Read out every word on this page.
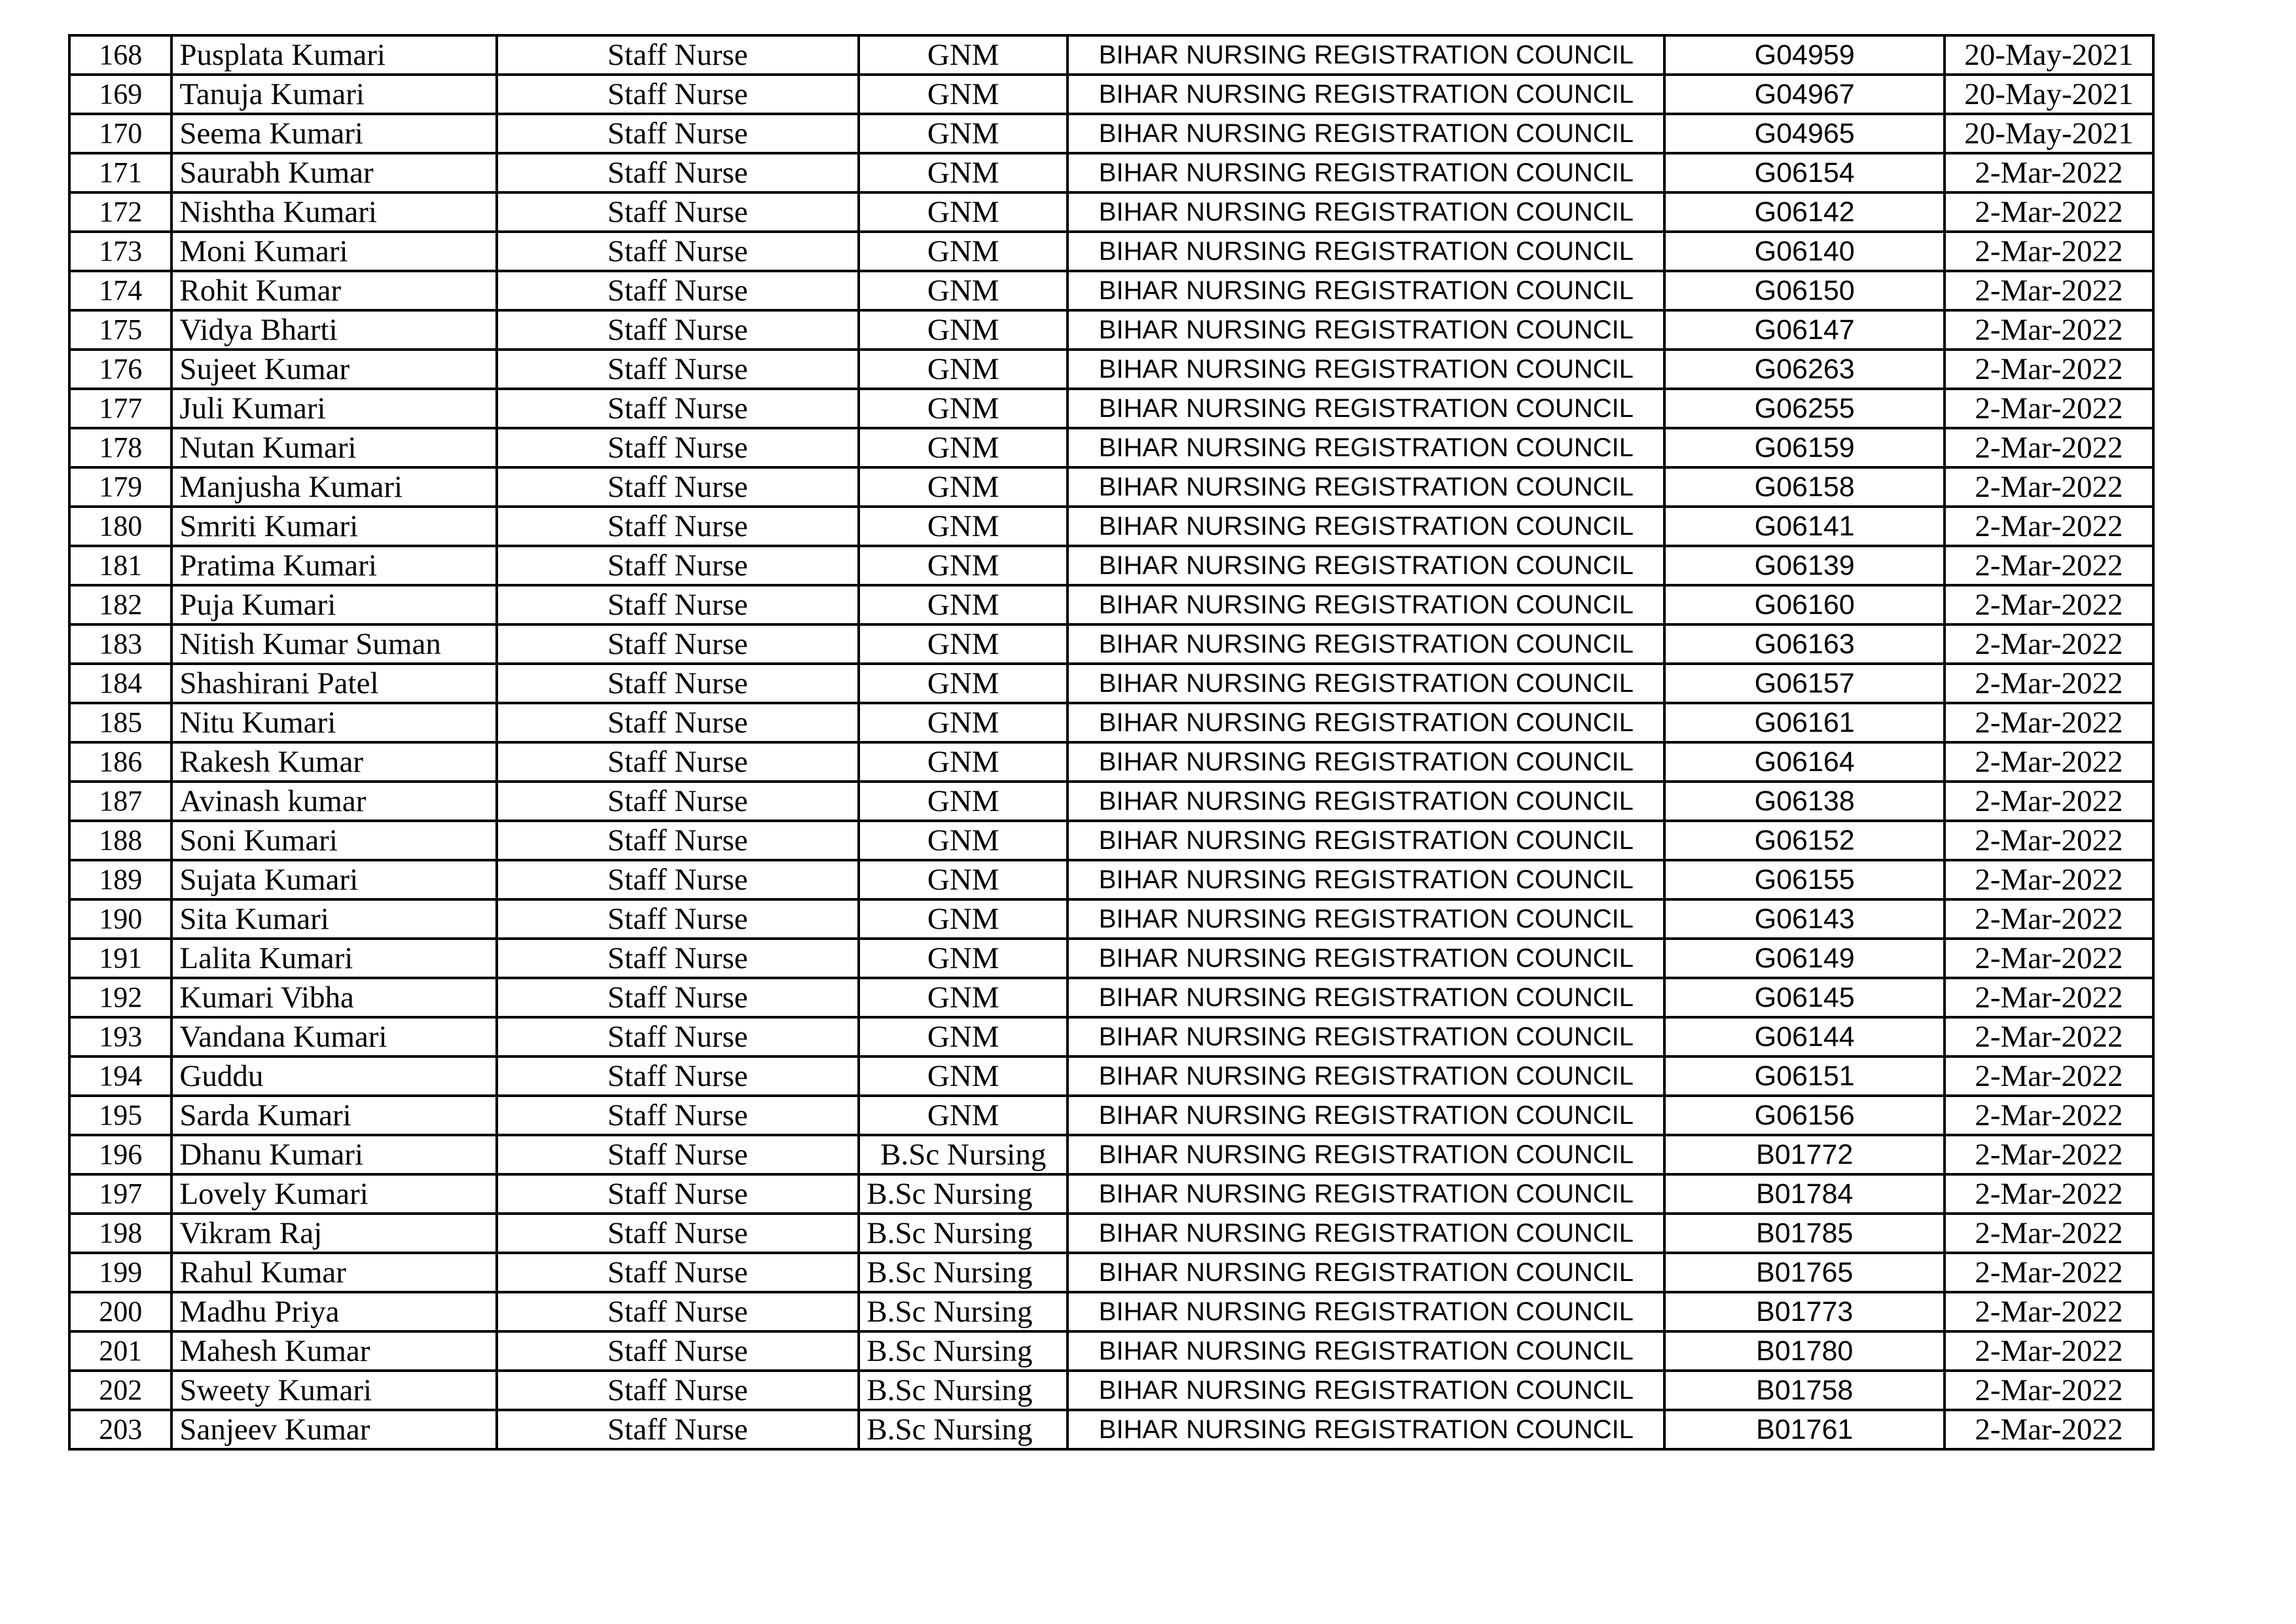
168	Pusplata Kumari	Staff Nurse	GNM	BIHAR NURSING REGISTRATION COUNCIL	G04959	20-May-2021
169	Tanuja Kumari	Staff Nurse	GNM	BIHAR NURSING REGISTRATION COUNCIL	G04967	20-May-2021
170	Seema Kumari	Staff Nurse	GNM	BIHAR NURSING REGISTRATION COUNCIL	G04965	20-May-2021
171	Saurabh Kumar	Staff Nurse	GNM	BIHAR NURSING REGISTRATION COUNCIL	G06154	2-Mar-2022
172	Nishtha Kumari	Staff Nurse	GNM	BIHAR NURSING REGISTRATION COUNCIL	G06142	2-Mar-2022
173	Moni Kumari	Staff Nurse	GNM	BIHAR NURSING REGISTRATION COUNCIL	G06140	2-Mar-2022
174	Rohit Kumar	Staff Nurse	GNM	BIHAR NURSING REGISTRATION COUNCIL	G06150	2-Mar-2022
175	Vidya Bharti	Staff Nurse	GNM	BIHAR NURSING REGISTRATION COUNCIL	G06147	2-Mar-2022
176	Sujeet Kumar	Staff Nurse	GNM	BIHAR NURSING REGISTRATION COUNCIL	G06263	2-Mar-2022
177	Juli Kumari	Staff Nurse	GNM	BIHAR NURSING REGISTRATION COUNCIL	G06255	2-Mar-2022
178	Nutan Kumari	Staff Nurse	GNM	BIHAR NURSING REGISTRATION COUNCIL	G06159	2-Mar-2022
179	Manjusha Kumari	Staff Nurse	GNM	BIHAR NURSING REGISTRATION COUNCIL	G06158	2-Mar-2022
180	Smriti Kumari	Staff Nurse	GNM	BIHAR NURSING REGISTRATION COUNCIL	G06141	2-Mar-2022
181	Pratima Kumari	Staff Nurse	GNM	BIHAR NURSING REGISTRATION COUNCIL	G06139	2-Mar-2022
182	Puja Kumari	Staff Nurse	GNM	BIHAR NURSING REGISTRATION COUNCIL	G06160	2-Mar-2022
183	Nitish Kumar Suman	Staff Nurse	GNM	BIHAR NURSING REGISTRATION COUNCIL	G06163	2-Mar-2022
184	Shashirani Patel	Staff Nurse	GNM	BIHAR NURSING REGISTRATION COUNCIL	G06157	2-Mar-2022
185	Nitu Kumari	Staff Nurse	GNM	BIHAR NURSING REGISTRATION COUNCIL	G06161	2-Mar-2022
186	Rakesh Kumar	Staff Nurse	GNM	BIHAR NURSING REGISTRATION COUNCIL	G06164	2-Mar-2022
187	Avinash kumar	Staff Nurse	GNM	BIHAR NURSING REGISTRATION COUNCIL	G06138	2-Mar-2022
188	Soni Kumari	Staff Nurse	GNM	BIHAR NURSING REGISTRATION COUNCIL	G06152	2-Mar-2022
189	Sujata Kumari	Staff Nurse	GNM	BIHAR NURSING REGISTRATION COUNCIL	G06155	2-Mar-2022
190	Sita Kumari	Staff Nurse	GNM	BIHAR NURSING REGISTRATION COUNCIL	G06143	2-Mar-2022
191	Lalita Kumari	Staff Nurse	GNM	BIHAR NURSING REGISTRATION COUNCIL	G06149	2-Mar-2022
192	Kumari Vibha	Staff Nurse	GNM	BIHAR NURSING REGISTRATION COUNCIL	G06145	2-Mar-2022
193	Vandana Kumari	Staff Nurse	GNM	BIHAR NURSING REGISTRATION COUNCIL	G06144	2-Mar-2022
194	Guddu	Staff Nurse	GNM	BIHAR NURSING REGISTRATION COUNCIL	G06151	2-Mar-2022
195	Sarda Kumari	Staff Nurse	GNM	BIHAR NURSING REGISTRATION COUNCIL	G06156	2-Mar-2022
196	Dhanu Kumari	Staff Nurse	B.Sc Nursing	BIHAR NURSING REGISTRATION COUNCIL	B01772	2-Mar-2022
197	Lovely Kumari	Staff Nurse	B.Sc Nursing	BIHAR NURSING REGISTRATION COUNCIL	B01784	2-Mar-2022
198	Vikram Raj	Staff Nurse	B.Sc Nursing	BIHAR NURSING REGISTRATION COUNCIL	B01785	2-Mar-2022
199	Rahul Kumar	Staff Nurse	B.Sc Nursing	BIHAR NURSING REGISTRATION COUNCIL	B01765	2-Mar-2022
200	Madhu Priya	Staff Nurse	B.Sc Nursing	BIHAR NURSING REGISTRATION COUNCIL	B01773	2-Mar-2022
201	Mahesh Kumar	Staff Nurse	B.Sc Nursing	BIHAR NURSING REGISTRATION COUNCIL	B01780	2-Mar-2022
202	Sweety Kumari	Staff Nurse	B.Sc Nursing	BIHAR NURSING REGISTRATION COUNCIL	B01758	2-Mar-2022
203	Sanjeev Kumar	Staff Nurse	B.Sc Nursing	BIHAR NURSING REGISTRATION COUNCIL	B01761	2-Mar-2022
